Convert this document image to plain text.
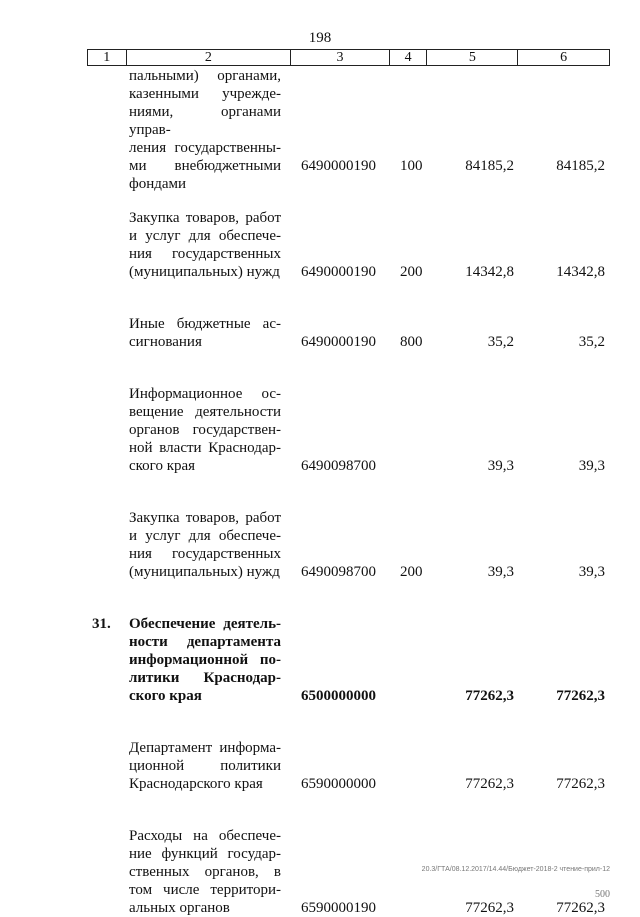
198
1	2	3	4	5	6
пальными) органами,
казенными учрежде-
ниями, органами управ-
ления государственны-
ми внебюджетными
фондами
6490000190 100	84185,2	84185,2
Закупка товаров, работ
и услуг для обеспече-
ния государственных
(муниципальных) нужд 6490000190 200	14342,8	14342,8
Иные бюджетные ас-
сигнования	6490000190 800	35,2	35,2
Информационное ос-
вещение деятельности
органов государствен-
ной власти Краснодар-
ского края	6490098700	39,3	39,3
Закупка товаров, работ
и услуг для обеспече-
ния государственных
(муниципальных) нужд 6490098700 200	39,3	39,3
31. Обеспечение деятель-
ности департамента
информационной по-
литики Краснодар-
ского края	6500000000	77262,3	77262,3
Департамент информа-
ционной политики
Краснодарского края	6590000000	77262,3	77262,3
Расходы на обеспече-
ние функций государ-
ственных органов, в
том числе территори-
альных органов	6590000190	77262,3	77262,3
20.3/ГТА/08.12.2017/14.44/Бюджет-2018-2 чтение-прил-12
500
